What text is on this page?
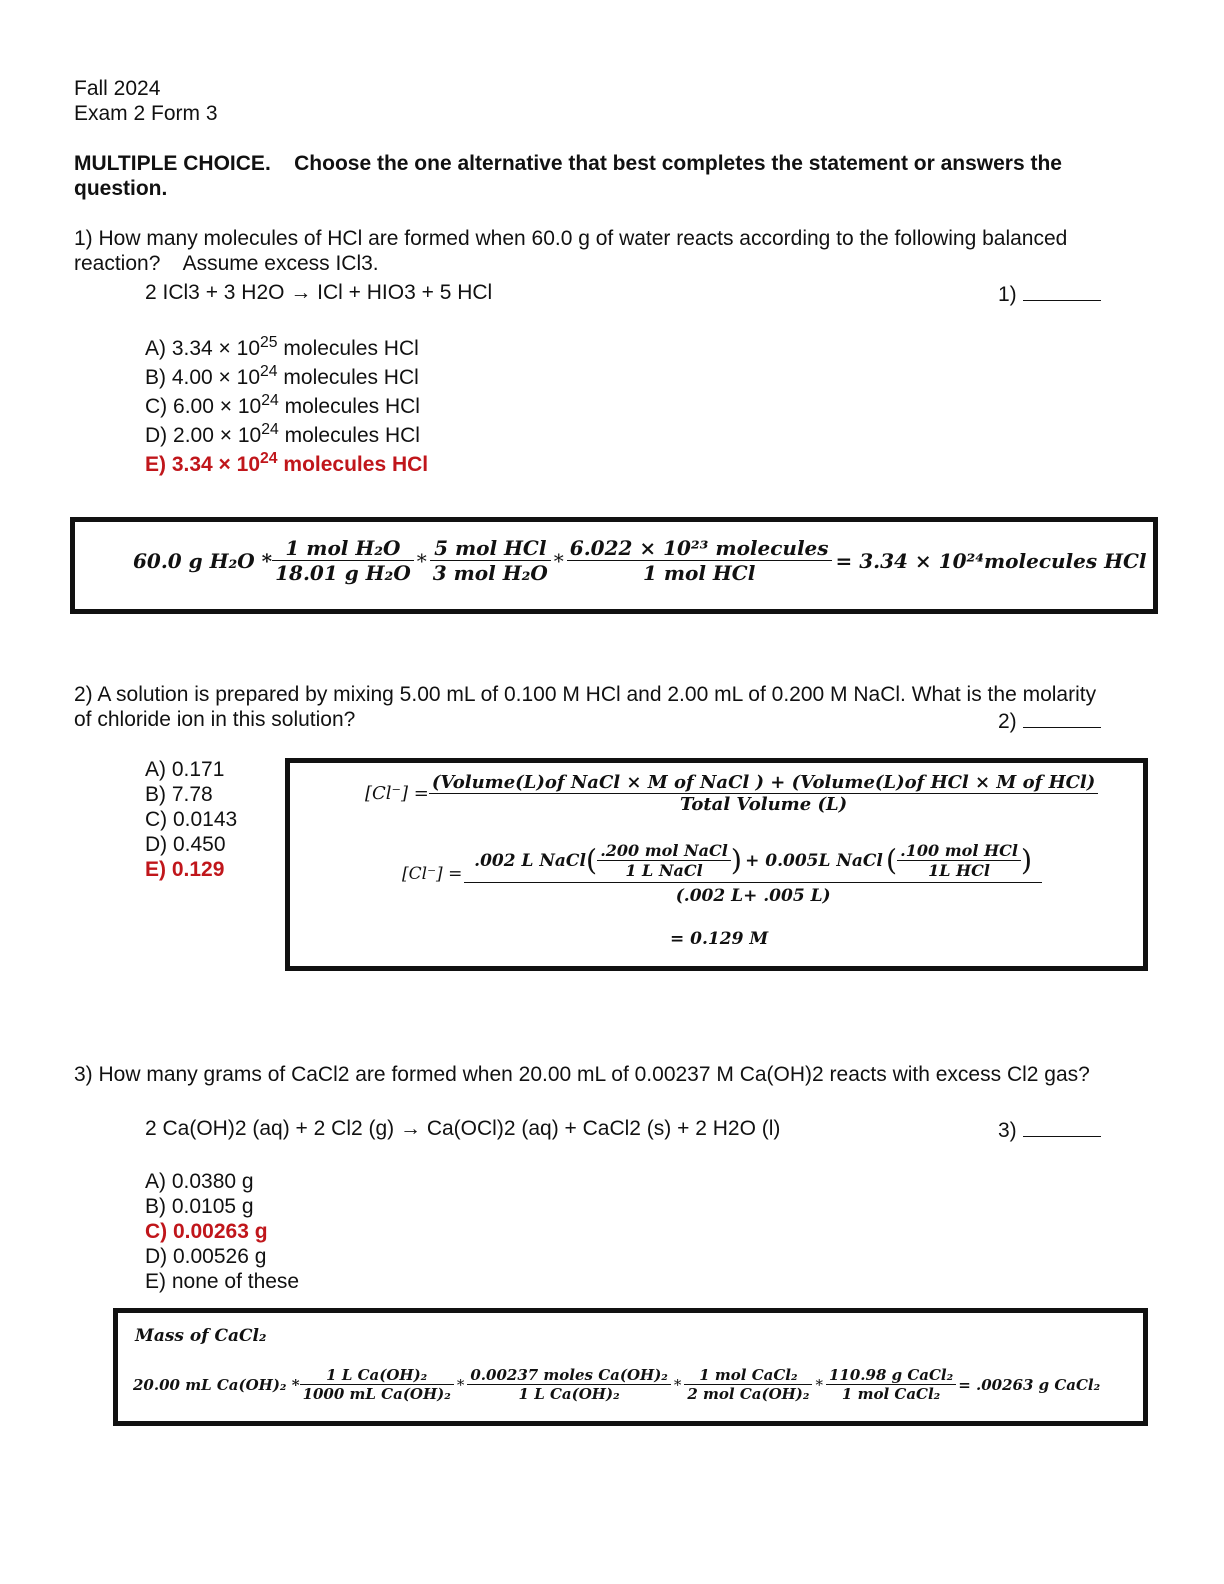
Fall 2024
Exam 2 Form 3
MULTIPLE CHOICE. Choose the one alternative that best completes the statement or answers the
question.
1) How many molecules of HCl are formed when 60.0 g of water reacts according to the following balanced
reaction?    Assume excess ICl3.
2 ICl3 + 3 H2O → ICl + HIO3 + 5 HCl	1)
A) $3.34 \times 10^{25}$ molecules HCl
B) $4.00 \times 10^{24}$ molecules HCl
C) $6.00 \times 10^{24}$ molecules HCl
D) $2.00 \times 10^{24}$ molecules HCl
E) $3.34 \times 10^{24}$ molecules HCl
60.0 g $H_2O * \frac{\text{1 mol H₂O}}{\text{18.01 g H₂O}} * \frac{\text{5 mol HCl}}{\text{3 mol H₂O}} * \frac{\text{6.022 × 10²³ molecules}}{\text{1 mol HCl}} = 3.34$ × 10²⁴molecules HCl
2) A solution is prepared by mixing 5.00 mL of 0.100 M HCl and 2.00 mL of 0.200 M NaCl. What is the molarity
of chloride ion in this solution?	2)
A) 0.171
B) 7.78
C) 0.0143
D) 0.450
E) 0.129
[Cl⁻] =
(Volume(L)of NaCl × M of NaCl ) + (Volume(L)of HCl × M of HCl)
Total Volume (L)
[Cl⁻] =
.002 L NaCl ( $\frac{\text{.200 mol NaCl}}{\text{1 L NaCl}}$ ) + 0.005L NaCl ( $\frac{\text{.100 mol HCl}}{\text{1L HCl}}$ )
(.002 L+ .005 L)
= 0.129 M
3) How many grams of CaCl2 are formed when 20.00 mL of 0.00237 M Ca(OH)2 reacts with excess Cl2 gas?
2 Ca(OH)2 (aq) + 2 Cl2 (g) → Ca(OCl)2 (aq) + CaCl2 (s) + 2 H2O (l)	3)
A) 0.0380 g
B) 0.0105 g
C) 0.00263 g
D) 0.00526 g
E) none of these
Mass of CaCl₂
20.00 mL $Ca(OH)_2 * \frac{\text{1 L Ca(OH)₂}}{\text{1000 mL Ca(OH)₂}} * \frac{\text{0.00237 moles Ca(OH)₂}}{\text{1 L Ca(OH)₂}} * \frac{\text{1 mol CaCl₂}}{\text{2 mol Ca(OH)₂}} * \frac{\text{110.98 g CaCl₂}}{\text{1 mol CaCl₂}} = .00263$ g CaCl₂
